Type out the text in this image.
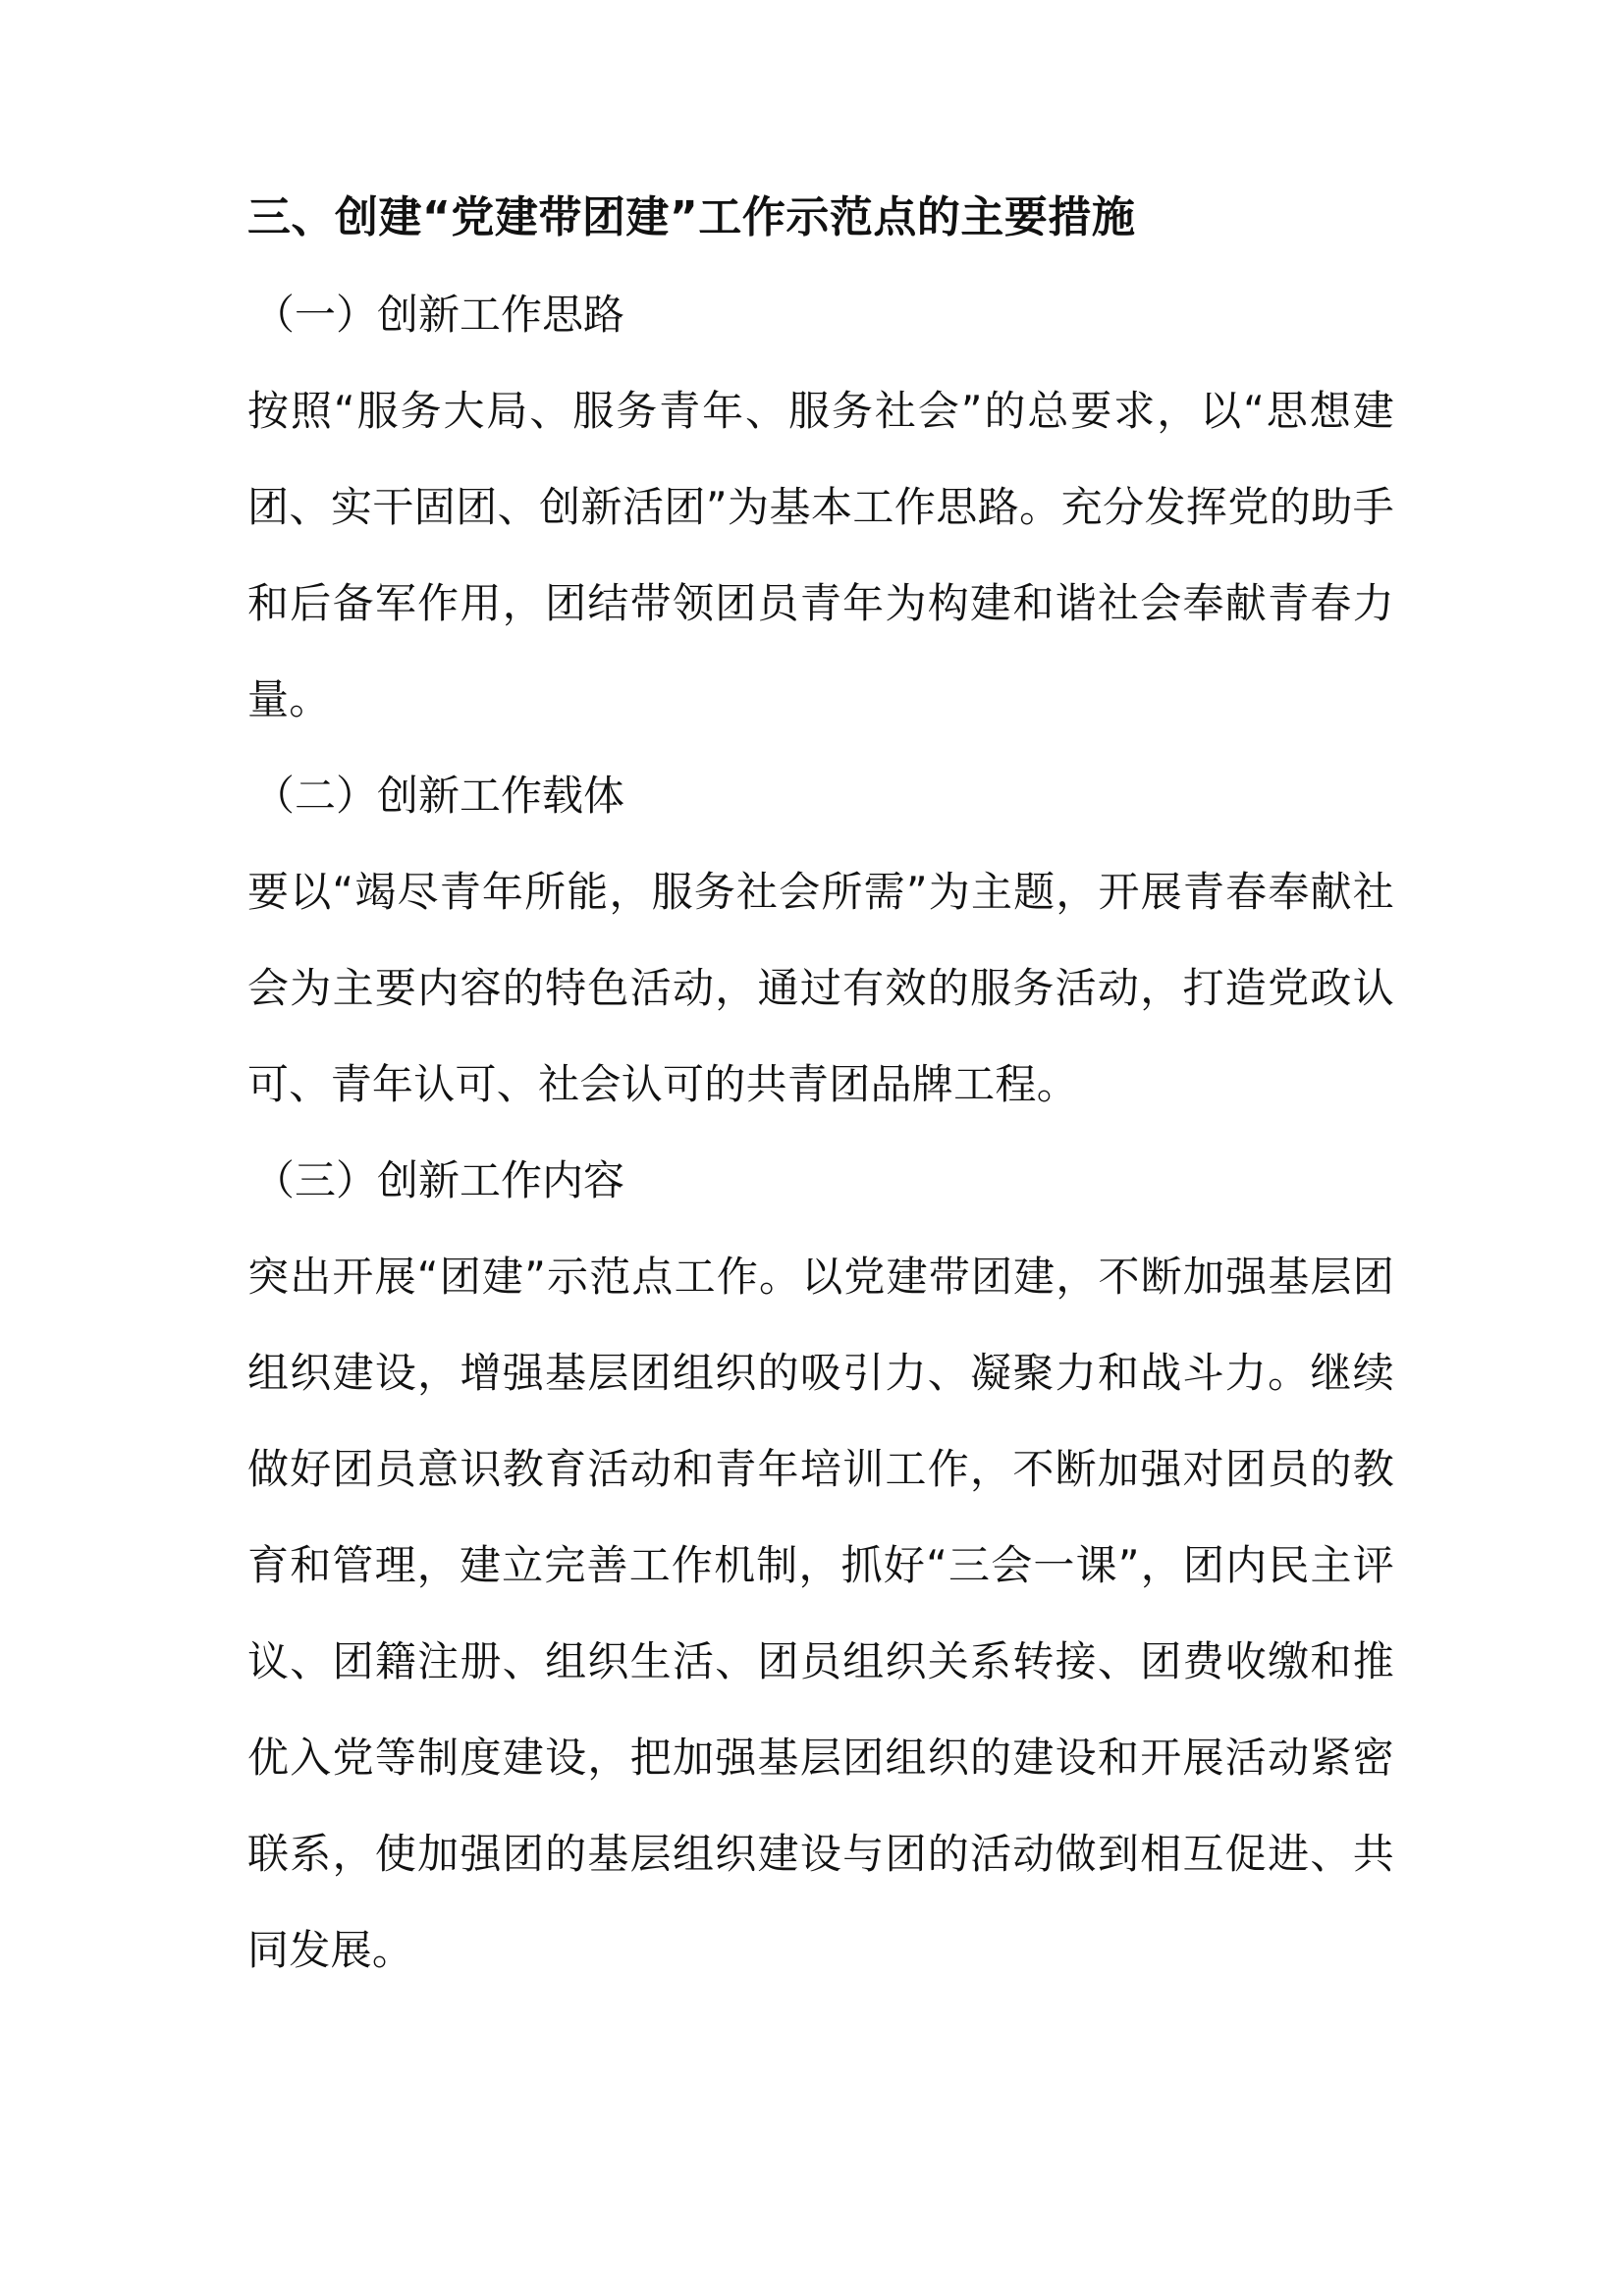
三、创建“党建带团建”工作示范点的主要措施
（一）创新工作思路

按照“服务大局、服务青年、服务社会”的总要求，以“思想建团、实干固团、创新活团”为基本工作思路。充分发挥党的助手和后备军作用，团结带领团员青年为构建和谐社会奉献青春力量。

（二）创新工作载体

要以“竭尽青年所能，服务社会所需”为主题，开展青春奉献社会为主要内容的特色活动，通过有效的服务活动，打造党政认可、青年认可、社会认可的共青团品牌工程。

（三）创新工作内容

突出开展“团建”示范点工作。以党建带团建，不断加强基层团组织建设，增强基层团组织的吸引力、凝聚力和战斗力。继续做好团员意识教育活动和青年培训工作，不断加强对团员的教育和管理，建立完善工作机制，抓好“三会一课”，团内民主评议、团籍注册、组织生活、团员组织关系转接、团费收缴和推优入党等制度建设，把加强基层团组织的建设和开展活动紧密联系，使加强团的基层组织建设与团的活动做到相互促进、共同发展。
